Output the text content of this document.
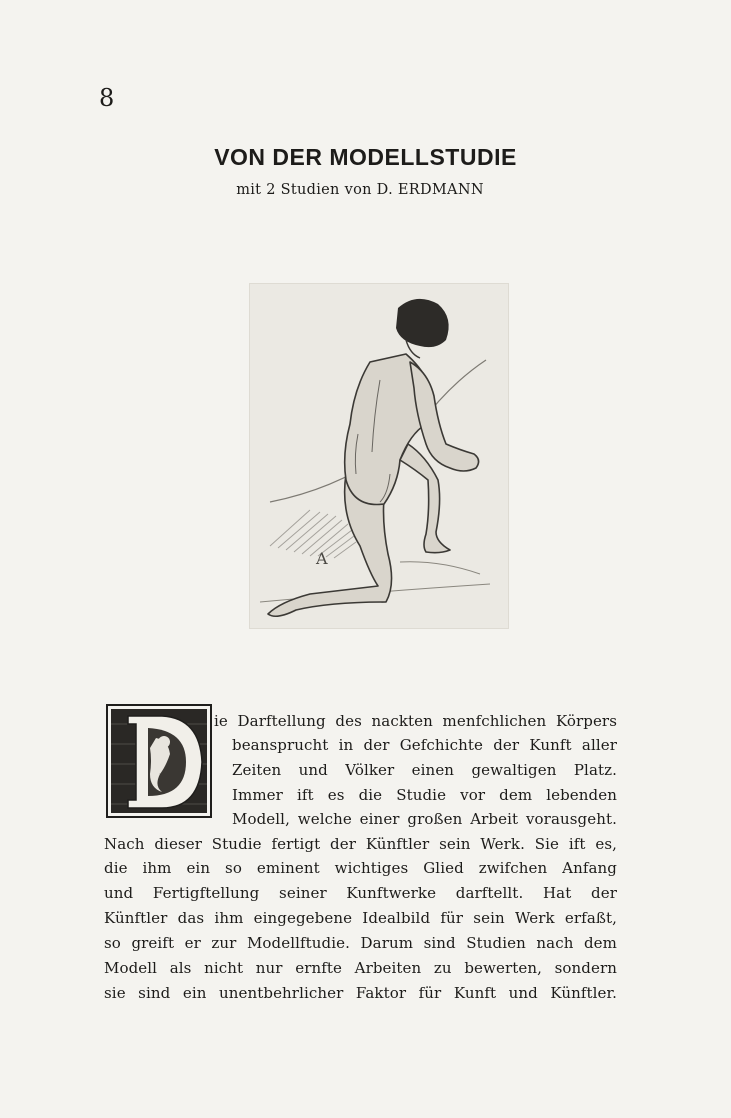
8
VON DER MODELLSTUDIE
mit 2 Studien von D. ERDMANN
A
D
ie Darftellung des nackten menfchlichen Körpers
beansprucht in der Gefchichte der Kunft aller
Zeiten und Völker einen gewaltigen Platz.
Immer ift es die Studie vor dem lebenden
Modell, welche einer großen Arbeit vorausgeht.
Nach dieser Studie fertigt der Künftler sein Werk. Sie ift es,
die ihm ein so eminent wichtiges Glied zwifchen Anfang
und Fertigftellung seiner Kunftwerke darftellt. Hat der
Künftler das ihm eingegebene Idealbild für sein Werk erfaßt,
so greift er zur Modellftudie. Darum sind Studien nach dem
Modell als nicht nur ernfte Arbeiten zu bewerten, sondern
sie sind ein unentbehrlicher Faktor für Kunft und Künftler.
